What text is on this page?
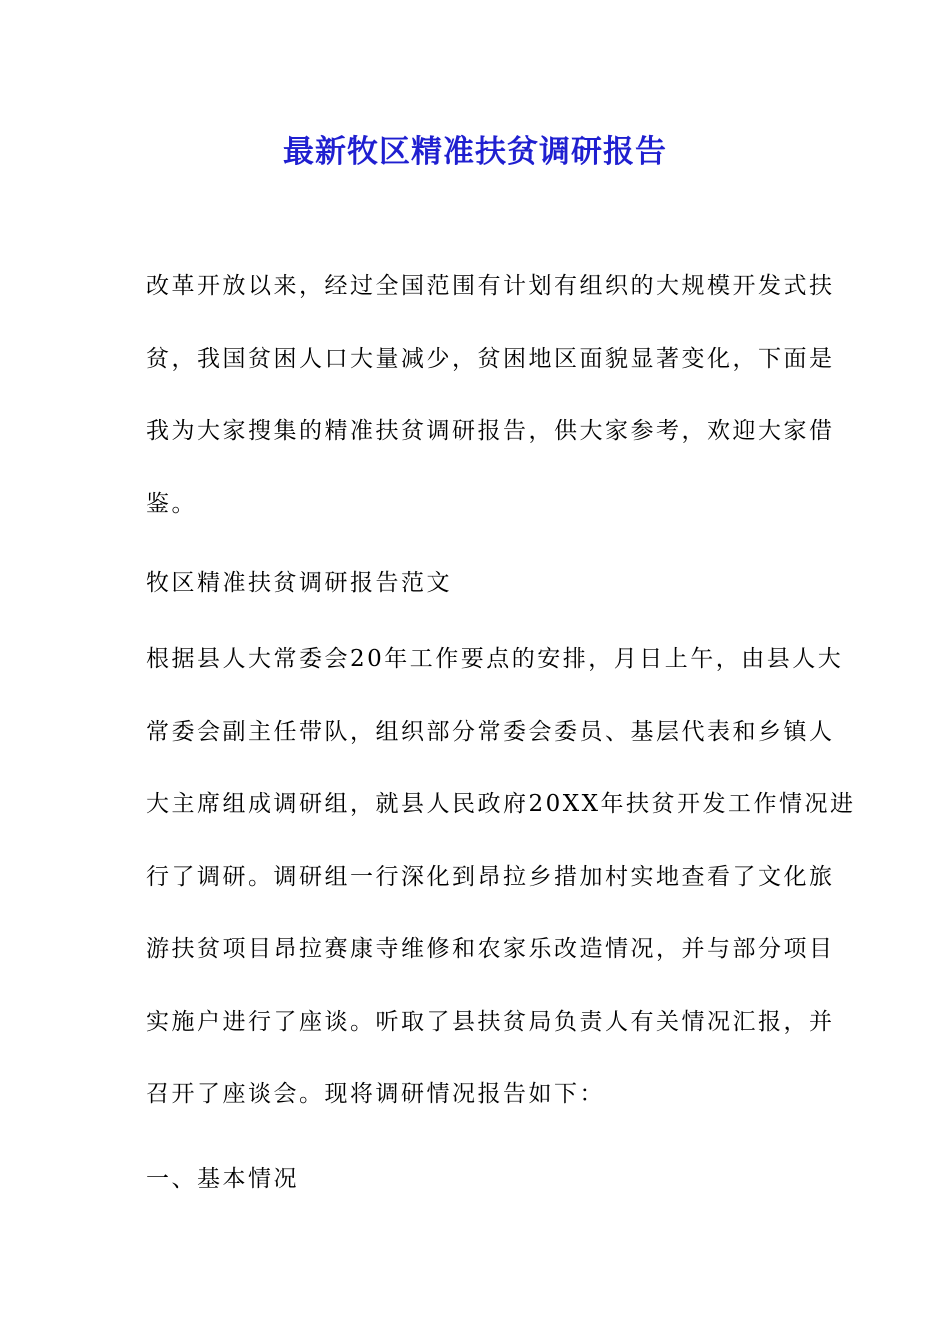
最新牧区精准扶贫调研报告
改革开放以来，经过全国范围有计划有组织的大规模开发式扶
贫，我国贫困人口大量减少，贫困地区面貌显著变化，下面是
我为大家搜集的精准扶贫调研报告，供大家参考，欢迎大家借
鉴。
牧区精准扶贫调研报告范文
根据县人大常委会20年工作要点的安排，月日上午，由县人大
常委会副主任带队，组织部分常委会委员、基层代表和乡镇人
大主席组成调研组，就县人民政府20XX年扶贫开发工作情况进
行了调研。调研组一行深化到昂拉乡措加村实地查看了文化旅
游扶贫项目昂拉赛康寺维修和农家乐改造情况，并与部分项目
实施户进行了座谈。听取了县扶贫局负责人有关情况汇报，并
召开了座谈会。现将调研情况报告如下：
一、基本情况
